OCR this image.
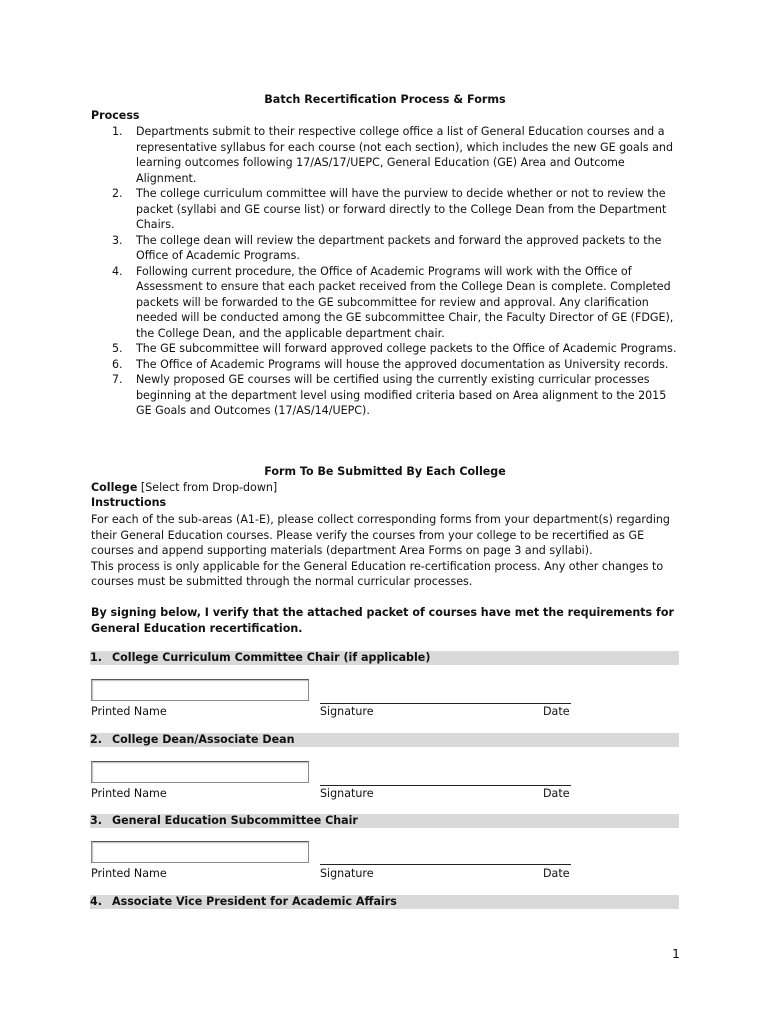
Batch Recertification Process & Forms
Process
1. Departments submit to their respective college office a list of General Education courses and a representative syllabus for each course (not each section), which includes the new GE goals and learning outcomes following 17/AS/17/UEPC, General Education (GE) Area and Outcome Alignment.
2. The college curriculum committee will have the purview to decide whether or not to review the packet (syllabi and GE course list) or forward directly to the College Dean from the Department Chairs.
3. The college dean will review the department packets and forward the approved packets to the Office of Academic Programs.
4. Following current procedure, the Office of Academic Programs will work with the Office of Assessment to ensure that each packet received from the College Dean is complete. Completed packets will be forwarded to the GE subcommittee for review and approval. Any clarification needed will be conducted among the GE subcommittee Chair, the Faculty Director of GE (FDGE), the College Dean, and the applicable department chair.
5. The GE subcommittee will forward approved college packets to the Office of Academic Programs.
6. The Office of Academic Programs will house the approved documentation as University records.
7. Newly proposed GE courses will be certified using the currently existing curricular processes beginning at the department level using modified criteria based on Area alignment to the 2015 GE Goals and Outcomes (17/AS/14/UEPC).
Form To Be Submitted By Each College
College [Select from Drop-down]
Instructions

For each of the sub-areas (A1-E), please collect corresponding forms from your department(s) regarding their General Education courses. Please verify the courses from your college to be recertified as GE courses and append supporting materials (department Area Forms on page 3 and syllabi).

This process is only applicable for the General Education re-certification process. Any other changes to courses must be submitted through the normal curricular processes.

By signing below, I verify that the attached packet of courses have met the requirements for General Education recertification.
1. College Curriculum Committee Chair (if applicable)
Printed Name	Signature	Date
2. College Dean/Associate Dean
Printed Name	Signature	Date
3. General Education Subcommittee Chair
Printed Name	Signature	Date
4. Associate Vice President for Academic Affairs
1
